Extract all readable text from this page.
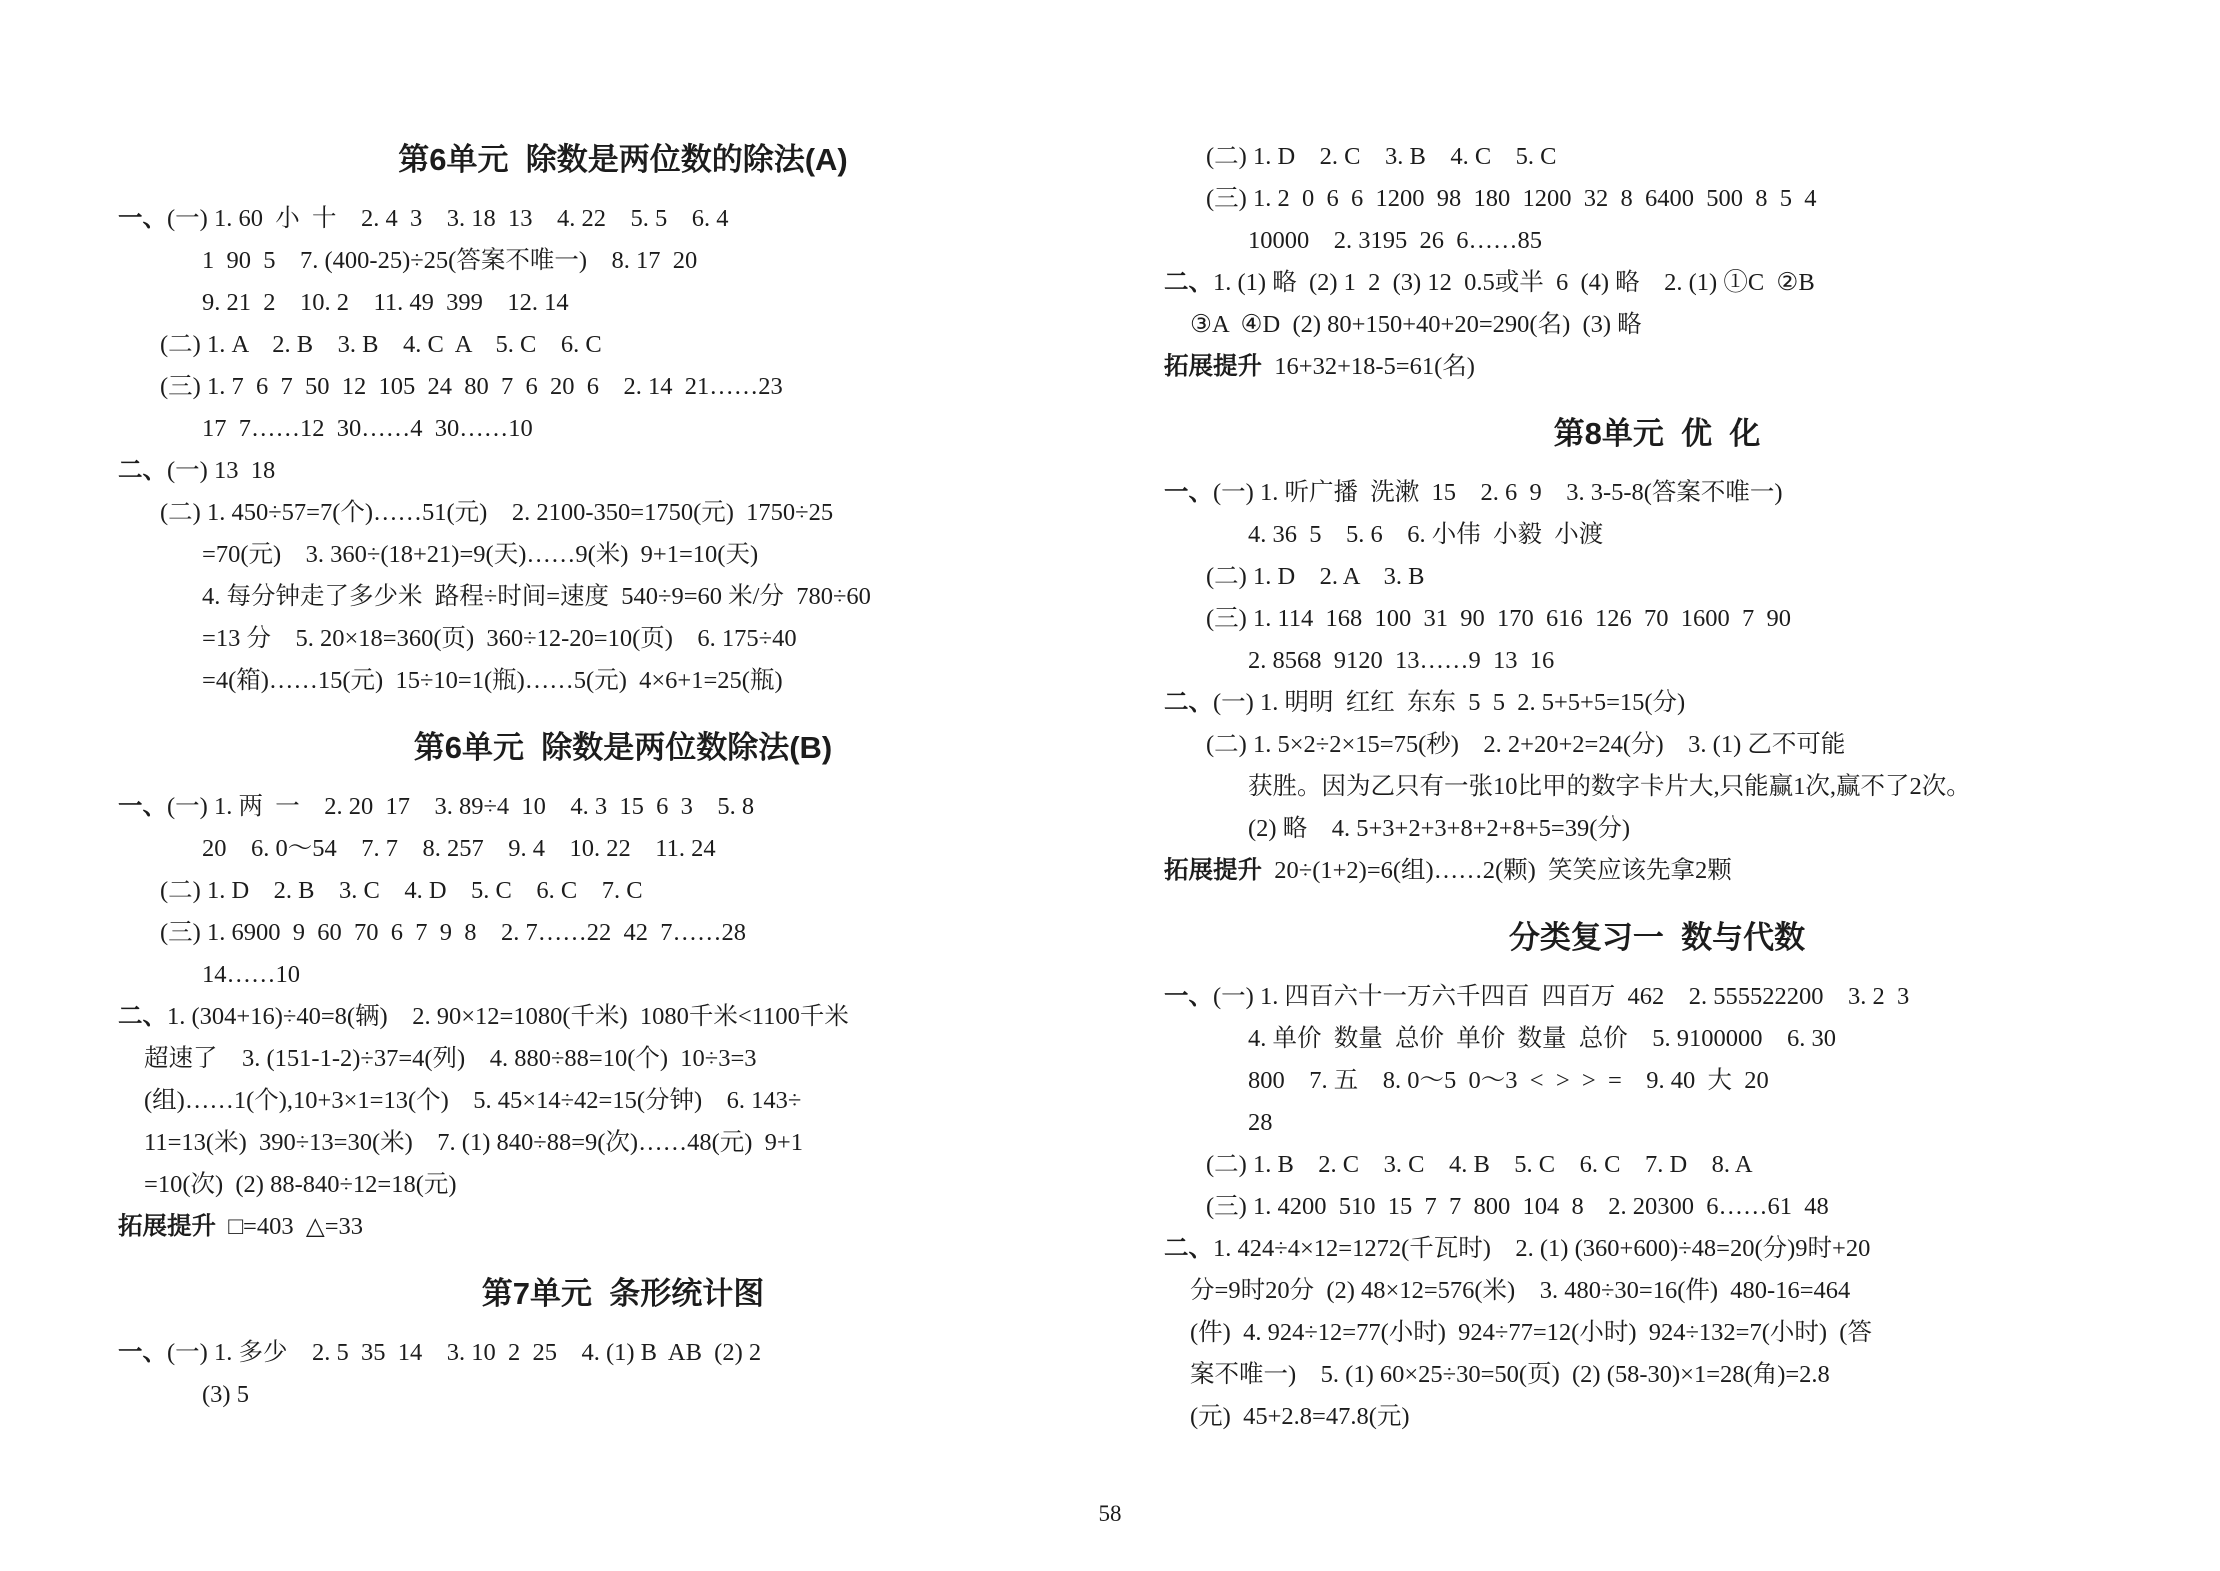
第6单元  除数是两位数的除法(A)
一、(一) 1. 60  小  十    2. 4  3    3. 18  13    4. 22    5. 5    6. 4
1  90  5    7. (400-25)÷25(答案不唯一)    8. 17  20
9. 21  2    10. 2    11. 49  399    12. 14
(二) 1. A    2. B    3. B    4. C  A    5. C    6. C
(三) 1. 7  6  7  50  12  105  24  80  7  6  20  6    2. 14  21……23
17  7……12  30……4  30……10
二、(一) 13  18
(二) 1. 450÷57=7(个)……51(元)    2. 2100-350=1750(元)  1750÷25
=70(元)    3. 360÷(18+21)=9(天)……9(米)  9+1=10(天)
4. 每分钟走了多少米  路程÷时间=速度  540÷9=60 米/分  780÷60
=13 分    5. 20×18=360(页)  360÷12-20=10(页)    6. 175÷40
=4(箱)……15(元)  15÷10=1(瓶)……5(元)  4×6+1=25(瓶)
第6单元  除数是两位数除法(B)
一、(一) 1. 两  一    2. 20  17    3. 89÷4  10    4. 3  15  6  3    5. 8
20    6. 0～54    7. 7    8. 257    9. 4    10. 22    11. 24
(二) 1. D    2. B    3. C    4. D    5. C    6. C    7. C
(三) 1. 6900  9  60  70  6  7  9  8    2. 7……22  42  7……28
14……10
二、1. (304+16)÷40=8(辆)    2. 90×12=1080(千米)  1080千米<1100千米
超速了    3. (151-1-2)÷37=4(列)    4. 880÷88=10(个)  10÷3=3
(组)……1(个),10+3×1=13(个)    5. 45×14÷42=15(分钟)    6. 143÷
11=13(米)  390÷13=30(米)    7. (1) 840÷88=9(次)……48(元)  9+1
=10(次)  (2) 88-840÷12=18(元)
拓展提升  □=403  △=33
第7单元  条形统计图
一、(一) 1. 多少    2. 5  35  14    3. 10  2  25    4. (1) B  AB  (2) 2
(3) 5
(二) 1. D    2. C    3. B    4. C    5. C
(三) 1. 2  0  6  6  1200  98  180  1200  32  8  6400  500  8  5  4
10000    2. 3195  26  6……85
二、1. (1) 略  (2) 1  2  (3) 12  0.5或半  6  (4) 略    2. (1) ①C  ②B
③A  ④D  (2) 80+150+40+20=290(名)  (3) 略
拓展提升  16+32+18-5=61(名)
第8单元  优  化
一、(一) 1. 听广播  洗漱  15    2. 6  9    3. 3-5-8(答案不唯一)
4. 36  5    5. 6    6. 小伟  小毅  小渡
(二) 1. D    2. A    3. B
(三) 1. 114  168  100  31  90  170  616  126  70  1600  7  90
2. 8568  9120  13……9  13  16
二、(一) 1. 明明  红红  东东  5  5  2. 5+5+5=15(分)
(二) 1. 5×2÷2×15=75(秒)    2. 2+20+2=24(分)    3. (1) 乙不可能
获胜。因为乙只有一张10比甲的数字卡片大,只能赢1次,赢不了2次。
(2) 略    4. 5+3+2+3+8+2+8+5=39(分)
拓展提升  20÷(1+2)=6(组)……2(颗)  笑笑应该先拿2颗
分类复习一  数与代数
一、(一) 1. 四百六十一万六千四百  四百万  462    2. 555522200    3. 2  3
4. 单价  数量  总价  单价  数量  总价    5. 9100000    6. 30
800    7. 五    8. 0～5  0～3  <  >  >  =    9. 40  大  20
28
(二) 1. B    2. C    3. C    4. B    5. C    6. C    7. D    8. A
(三) 1. 4200  510  15  7  7  800  104  8    2. 20300  6……61  48
二、1. 424÷4×12=1272(千瓦时)    2. (1) (360+600)÷48=20(分)9时+20
分=9时20分  (2) 48×12=576(米)    3. 480÷30=16(件)  480-16=464
(件)  4. 924÷12=77(小时)  924÷77=12(小时)  924÷132=7(小时)  (答
案不唯一)    5. (1) 60×25÷30=50(页)  (2) (58-30)×1=28(角)=2.8
(元)  45+2.8=47.8(元)
58
